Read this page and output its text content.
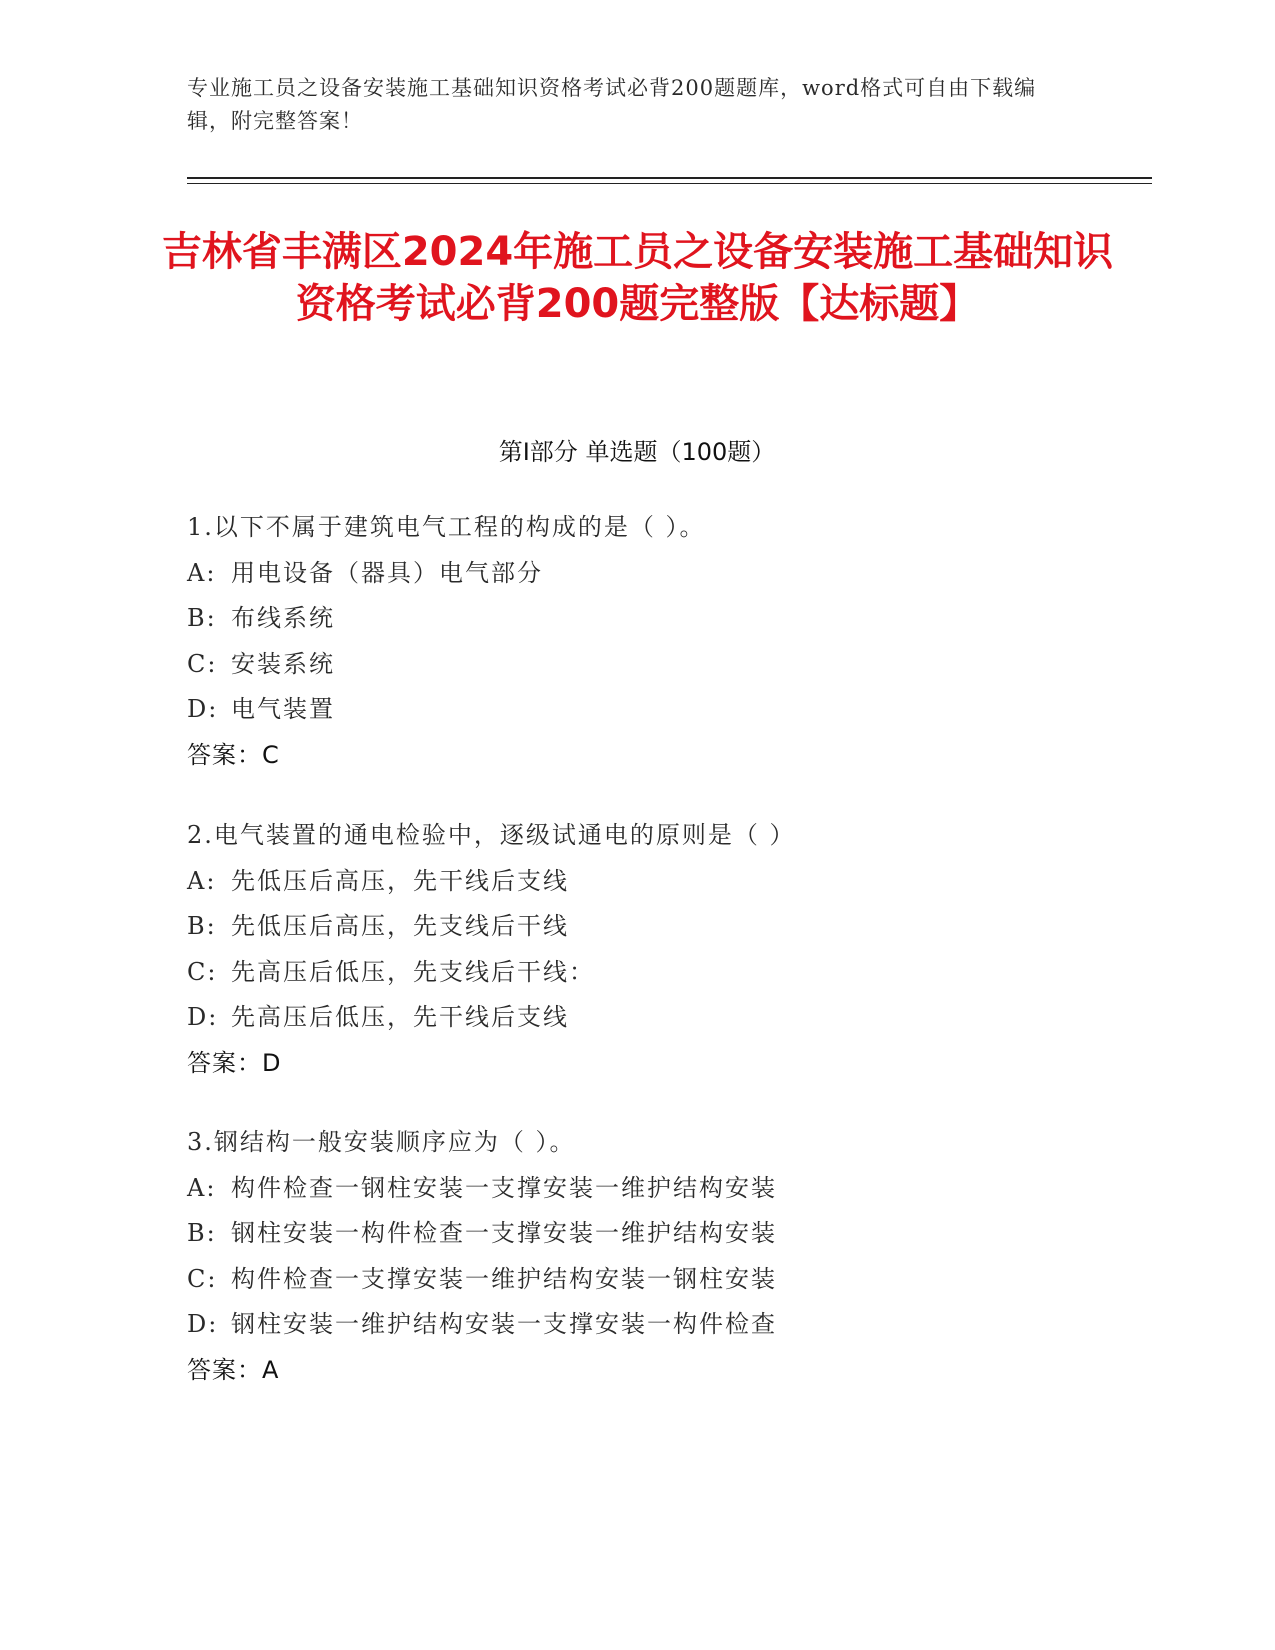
专业施工员之设备安装施工基础知识资格考试必背200题题库，word格式可自由下载编辑，附完整答案！
吉林省丰满区2024年施工员之设备安装施工基础知识资格考试必背200题完整版【达标题】
第Ⅰ部分 单选题（100题）
1.以下不属于建筑电气工程的构成的是（ ）。
A: 用电设备（器具）电气部分
B: 布线系统
C: 安装系统
D: 电气装置
答案：C
2.电气装置的通电检验中，逐级试通电的原则是（ ）
A: 先低压后高压，先干线后支线
B: 先低压后高压，先支线后干线
C: 先高压后低压，先支线后干线：
D: 先高压后低压，先干线后支线
答案：D
3.钢结构一般安装顺序应为（ ）。
A: 构件检查一钢柱安装一支撑安装一维护结构安装
B: 钢柱安装一构件检查一支撑安装一维护结构安装
C: 构件检查一支撑安装一维护结构安装一钢柱安装
D: 钢柱安装一维护结构安装一支撑安装一构件检查
答案：A
